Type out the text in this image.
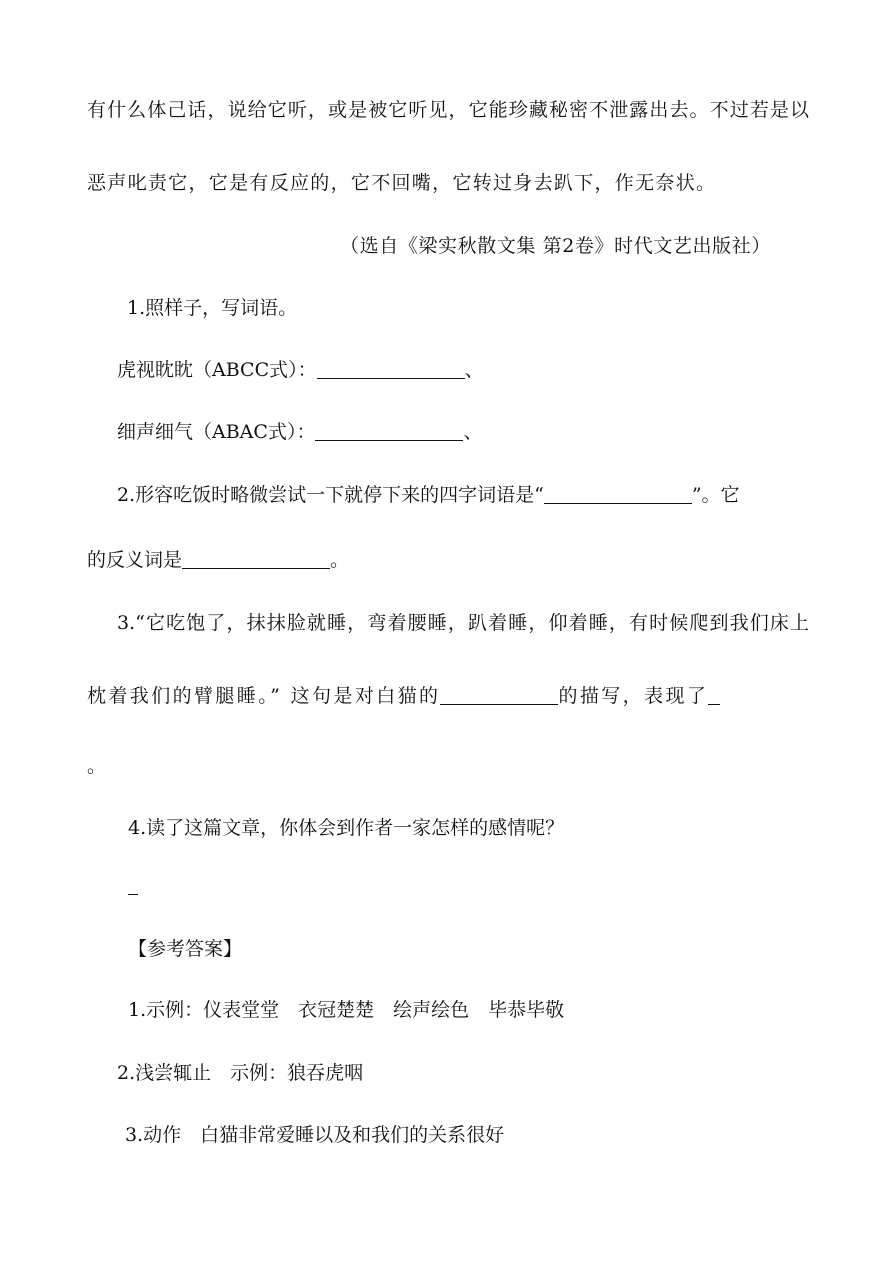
有什么体己话，说给它听，或是被它听见，它能珍藏秘密不泄露出去。不过若是以
恶声叱责它，它是有反应的，它不回嘴，它转过身去趴下，作无奈状。
（选自《梁实秋散文集 第2卷》时代文艺出版社）
1.照样子，写词语。
虎视眈眈（ABCC式）：	、
细声细气（ABAC式）：	、
2.形容吃饭时略微尝试一下就停下来的四字词语是“	”。它
的反义词是	。
3.“它吃饱了，抹抹脸就睡，弯着腰睡，趴着睡，仰着睡，有时候爬到我们床上
枕着我们的臂腿睡。” 这句是对白猫的	的描写，表现了
。
4.读了这篇文章，你体会到作者一家怎样的感情呢？
【参考答案】
1.示例：仪表堂堂　衣冠楚楚　绘声绘色　毕恭毕敬
2.浅尝辄止　示例：狼吞虎咽
3.动作　白猫非常爱睡以及和我们的关系很好
